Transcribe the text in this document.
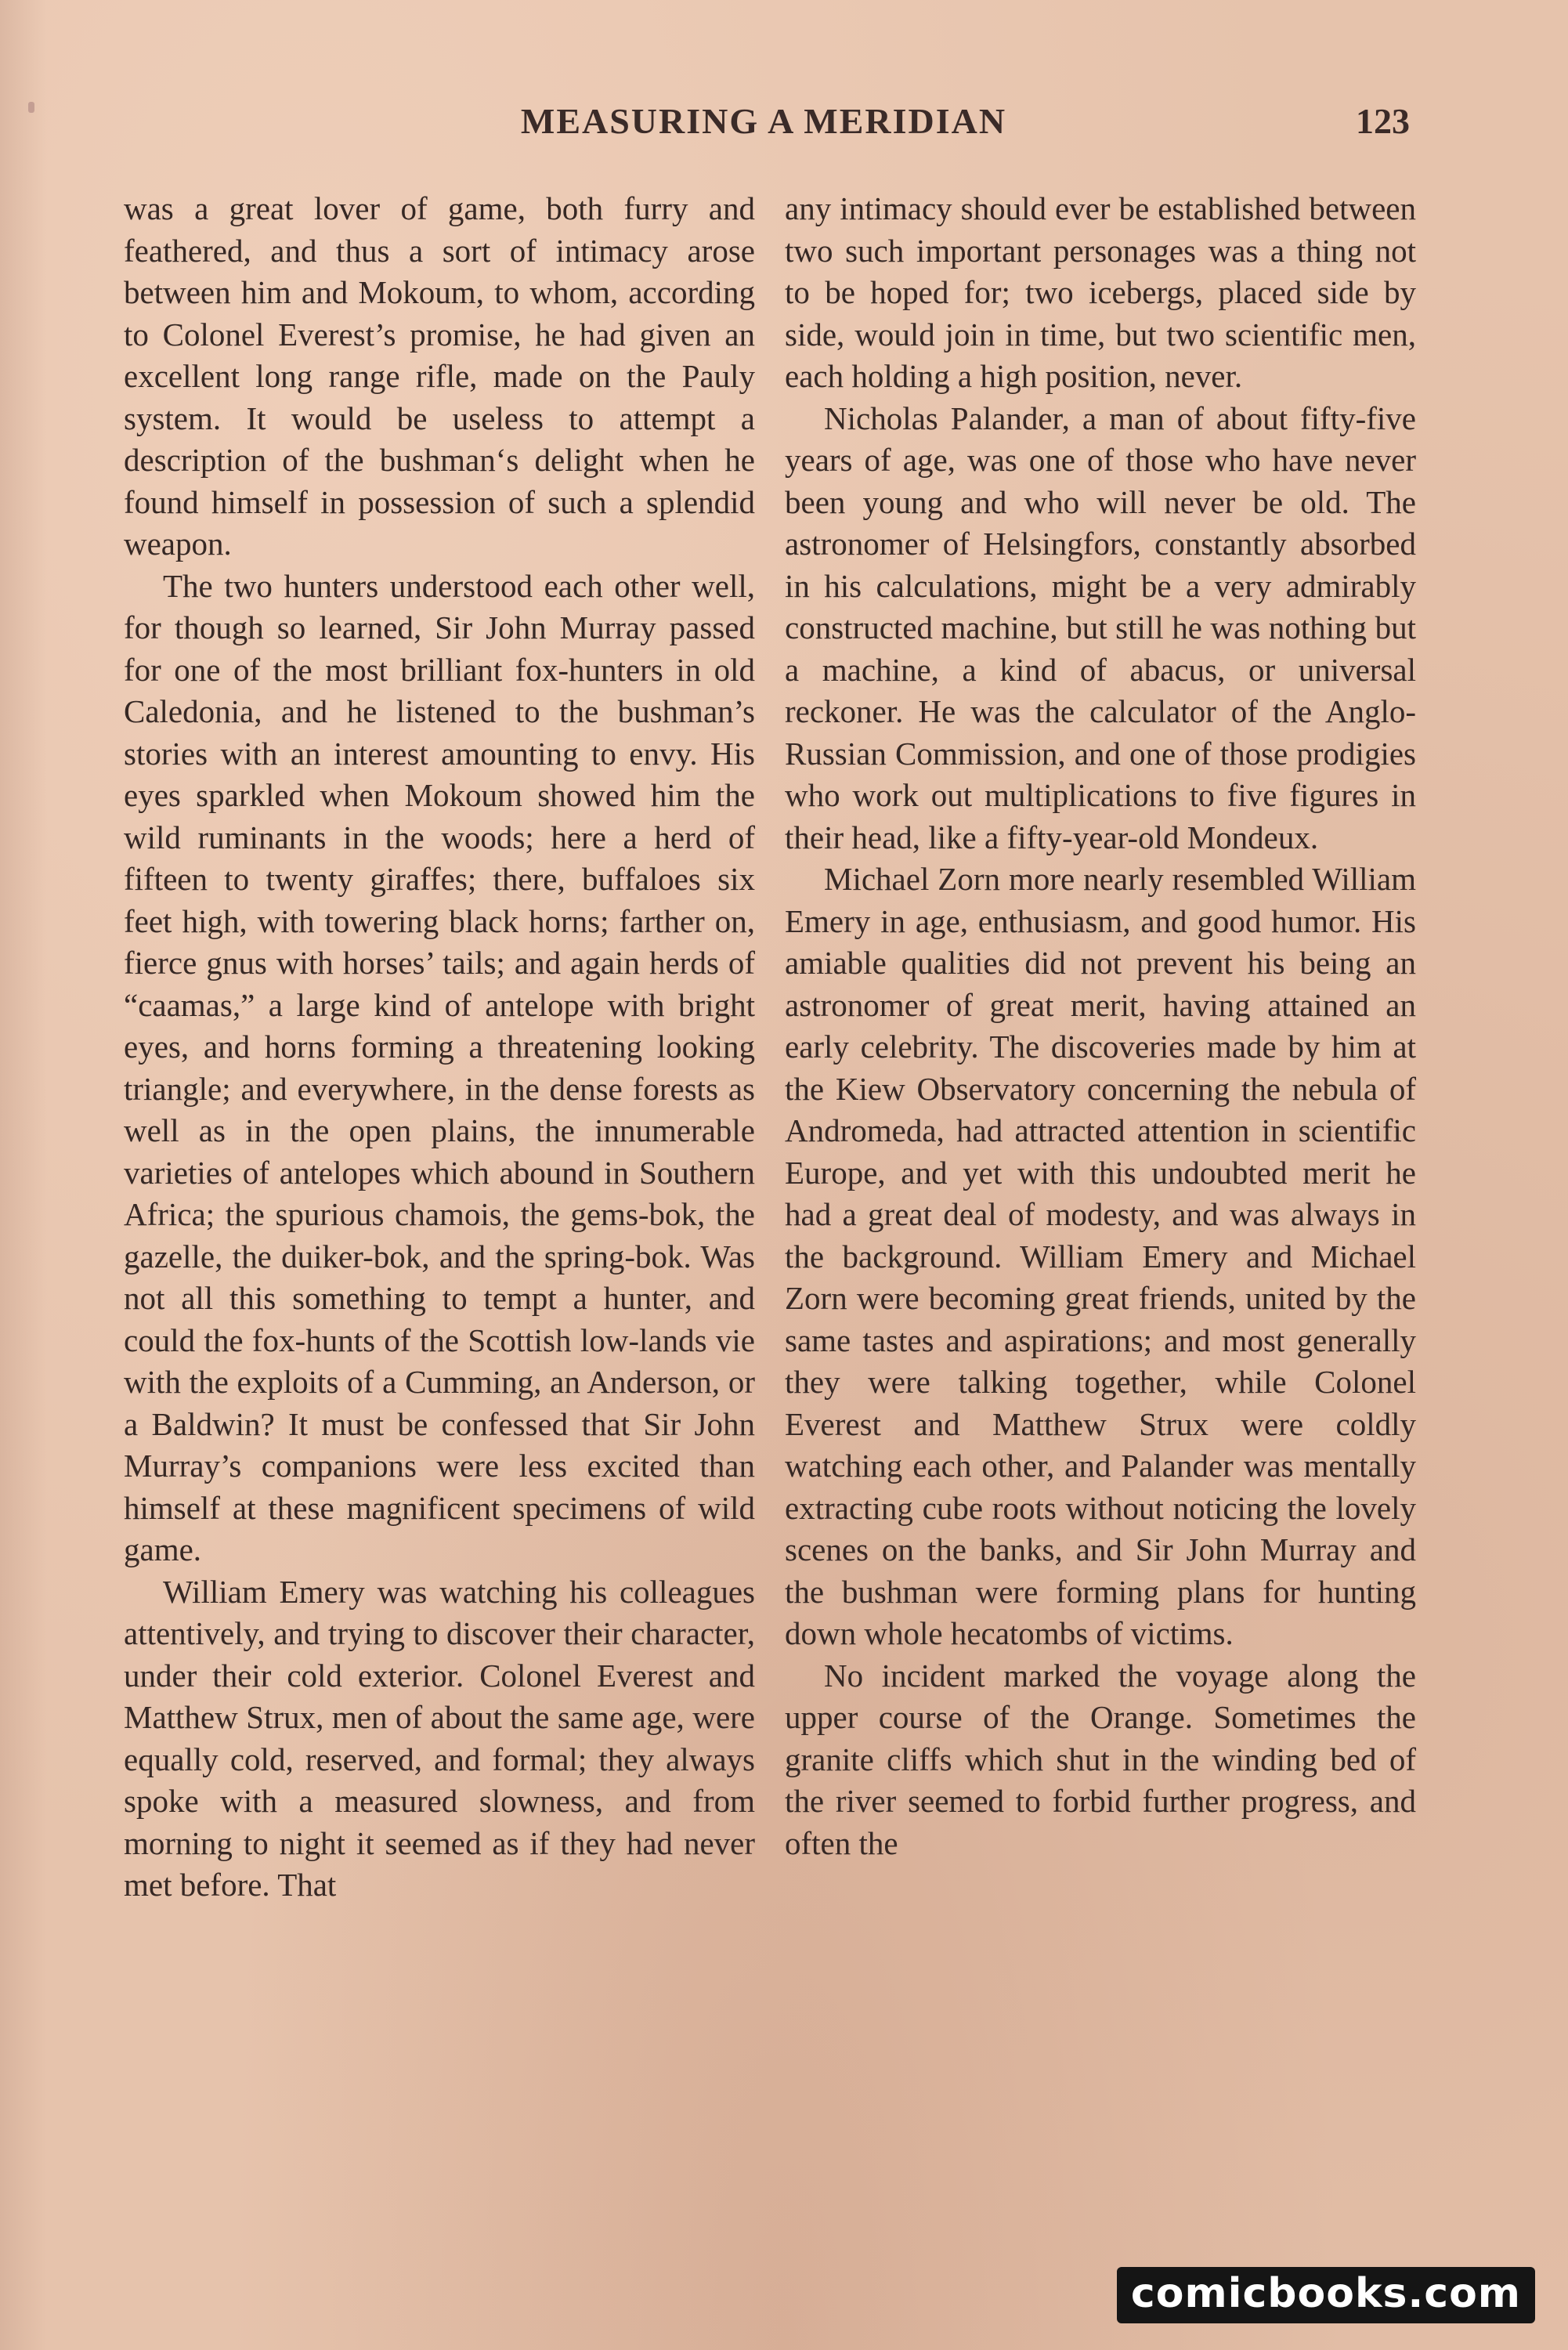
MEASURING A MERIDIAN	123

was a great lover of game, both furry and feathered, and thus a sort of intimacy arose between him and Mokoum, to whom, according to Colonel Everest’s promise, he had given an excellent long range rifle, made on the Pauly system. It would be useless to attempt a description of the bushman‘s delight when he found himself in possession of such a splendid weapon.

The two hunters understood each other well, for though so learned, Sir John Murray passed for one of the most brilliant fox-hunters in old Caledonia, and he listened to the bushman’s stories with an interest amounting to envy. His eyes sparkled when Mokoum showed him the wild ruminants in the woods; here a herd of fifteen to twenty giraffes; there, buffaloes six feet high, with towering black horns; farther on, fierce gnus with horses’ tails; and again herds of “caamas,” a large kind of antelope with bright eyes, and horns forming a threatening looking triangle; and everywhere, in the dense forests as well as in the open plains, the innumerable varieties of antelopes which abound in Southern Africa; the spurious chamois, the gems-bok, the gazelle, the duiker-bok, and the spring-bok. Was not all this something to tempt a hunter, and could the fox-hunts of the Scottish low-lands vie with the exploits of a Cumming, an Anderson, or a Baldwin? It must be confessed that Sir John Murray’s companions were less excited than himself at these magnificent specimens of wild game.

William Emery was watching his colleagues attentively, and trying to discover their character, under their cold exterior. Colonel Everest and Matthew Strux, men of about the same age, were equally cold, reserved, and formal; they always spoke with a measured slowness, and from morning to night it seemed as if they had never met before. That

any intimacy should ever be established between two such important personages was a thing not to be hoped for; two icebergs, placed side by side, would join in time, but two scientific men, each holding a high position, never.

Nicholas Palander, a man of about fifty-five years of age, was one of those who have never been young and who will never be old. The astronomer of Helsingfors, constantly absorbed in his calculations, might be a very admirably constructed machine, but still he was nothing but a machine, a kind of abacus, or universal reckoner. He was the calculator of the Anglo-Russian Commission, and one of those prodigies who work out multiplications to five figures in their head, like a fifty-year-old Mondeux.

Michael Zorn more nearly resembled William Emery in age, enthusiasm, and good humor. His amiable qualities did not prevent his being an astronomer of great merit, having attained an early celebrity. The discoveries made by him at the Kiew Observatory concerning the nebula of Andromeda, had attracted attention in scientific Europe, and yet with this undoubted merit he had a great deal of modesty, and was always in the background. William Emery and Michael Zorn were becoming great friends, united by the same tastes and aspirations; and most generally they were talking together, while Colonel Everest and Matthew Strux were coldly watching each other, and Palander was mentally extracting cube roots without noticing the lovely scenes on the banks, and Sir John Murray and the bushman were forming plans for hunting down whole hecatombs of victims.

No incident marked the voyage along the upper course of the Orange. Sometimes the granite cliffs which shut in the winding bed of the river seemed to forbid further progress, and often the

comicbooks.com
